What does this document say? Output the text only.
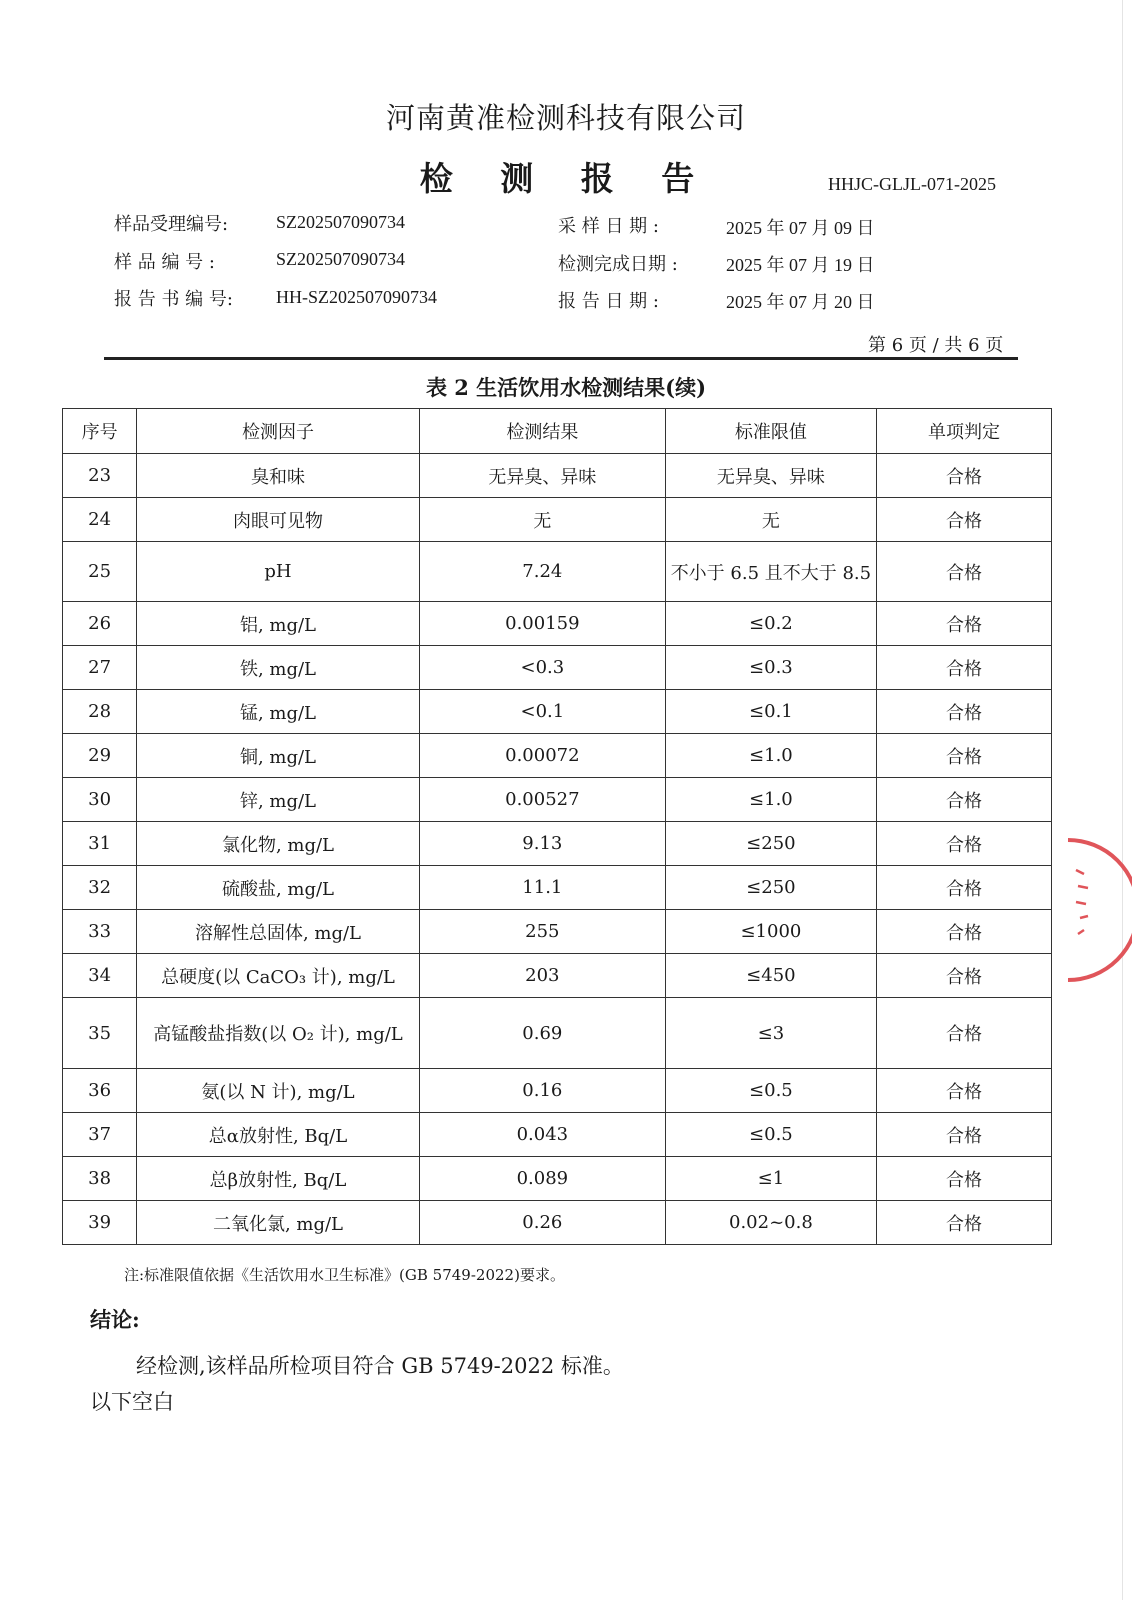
河南黄准检测科技有限公司
检 测 报 告	HHJC-GLJL-071-2025
样品受理编号:	SZ202507090734
样 品 编 号 :	SZ202507090734
报 告 书 编 号: HH-SZ202507090734
采 样 日 期 :	2025 年 07 月 09 日
检测完成日期 :	2025 年 07 月 19 日
报 告 日 期 :	2025 年 07 月 20 日
第 6 页 / 共 6 页
表 2 生活饮用水检测结果(续)
序号	检测因子	检测结果	标准限值	单项判定
23	臭和味	无异臭、异味	无异臭、异味	合格
24	肉眼可见物	无	无	合格
25	pH	7.24	不小于 6.5 且不大于 8.5	合格
26	铝, mg/L	0.00159	≤0.2	合格
27	铁, mg/L	<0.3	≤0.3	合格
28	锰, mg/L	<0.1	≤0.1	合格
29	铜, mg/L	0.00072	≤1.0	合格
30	锌, mg/L	0.00527	≤1.0	合格
31	氯化物, mg/L	9.13	≤250	合格
32	硫酸盐, mg/L	11.1	≤250	合格
33	溶解性总固体, mg/L	255	≤1000	合格
34	总硬度(以 CaCO₃ 计), mg/L	203	≤450	合格
35	高锰酸盐指数(以 O₂ 计), mg/L	0.69	≤3	合格
36	氨(以 N 计), mg/L	0.16	≤0.5	合格
37	总α放射性, Bq/L	0.043	≤0.5	合格
38	总β放射性, Bq/L	0.089	≤1	合格
39	二氧化氯, mg/L	0.26	0.02~0.8	合格
注:标准限值依据《生活饮用水卫生标准》(GB 5749-2022)要求。
结论:
经检测,该样品所检项目符合 GB 5749-2022 标准。
以下空白
